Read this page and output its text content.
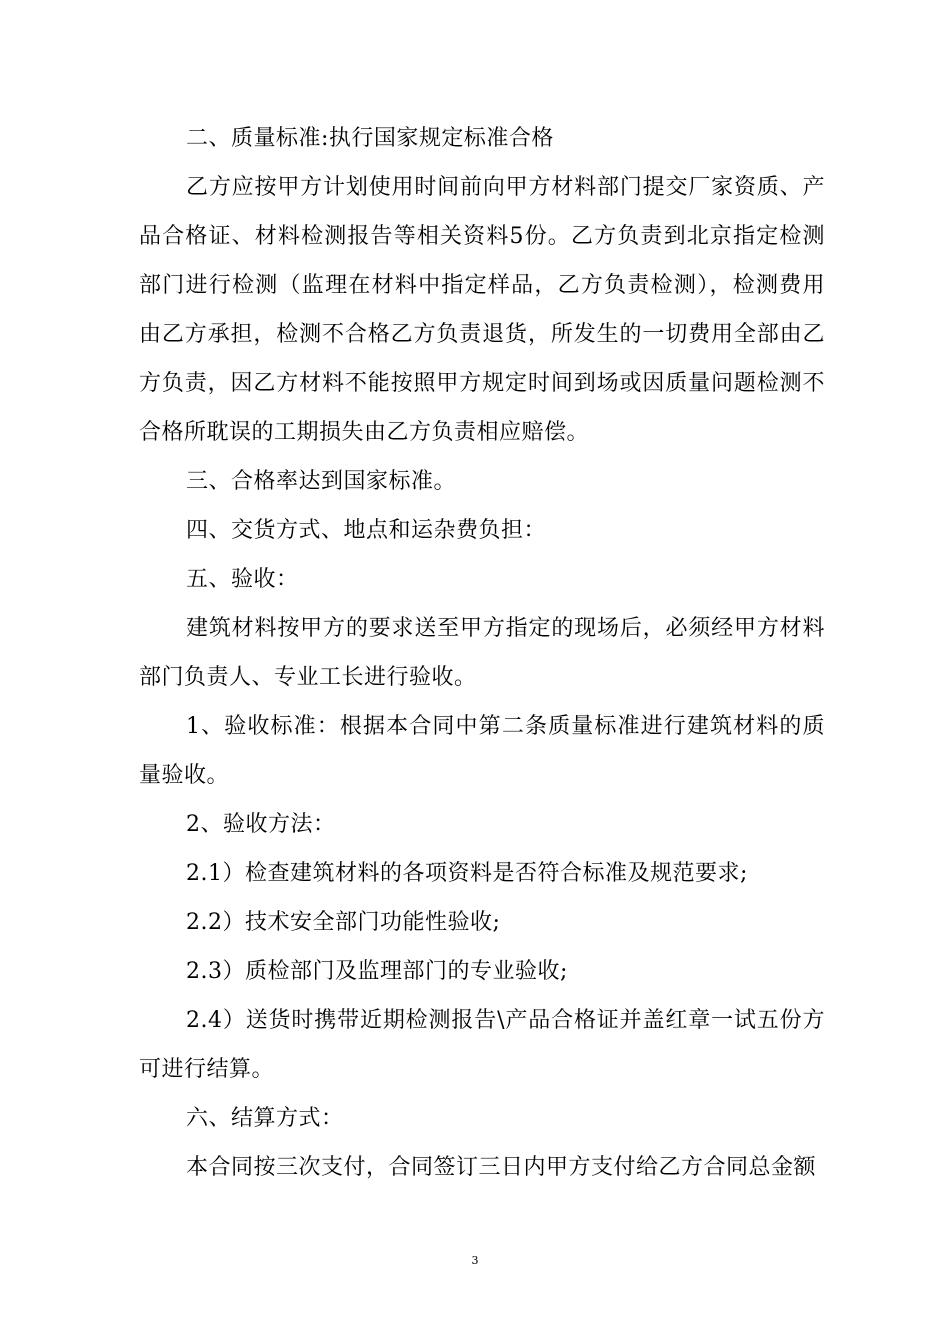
二、质量标准:执行国家规定标准合格

乙方应按甲方计划使用时间前向甲方材料部门提交厂家资质、产品合格证、材料检测报告等相关资料5份。乙方负责到北京指定检测部门进行检测（监理在材料中指定样品，乙方负责检测），检测费用由乙方承担，检测不合格乙方负责退货，所发生的一切费用全部由乙方负责，因乙方材料不能按照甲方规定时间到场或因质量问题检测不合格所耽误的工期损失由乙方负责相应赔偿。

三、合格率达到国家标准。

四、交货方式、地点和运杂费负担：

五、验收：

建筑材料按甲方的要求送至甲方指定的现场后，必须经甲方材料部门负责人、专业工长进行验收。

1、验收标准：根据本合同中第二条质量标准进行建筑材料的质量验收。

2、验收方法：

2.1）检查建筑材料的各项资料是否符合标准及规范要求;

2.2）技术安全部门功能性验收;

2.3）质检部门及监理部门的专业验收;

2.4）送货时携带近期检测报告\产品合格证并盖红章一试五份方可进行结算。

六、结算方式：

本合同按三次支付，合同签订三日内甲方支付给乙方合同总金额

3
